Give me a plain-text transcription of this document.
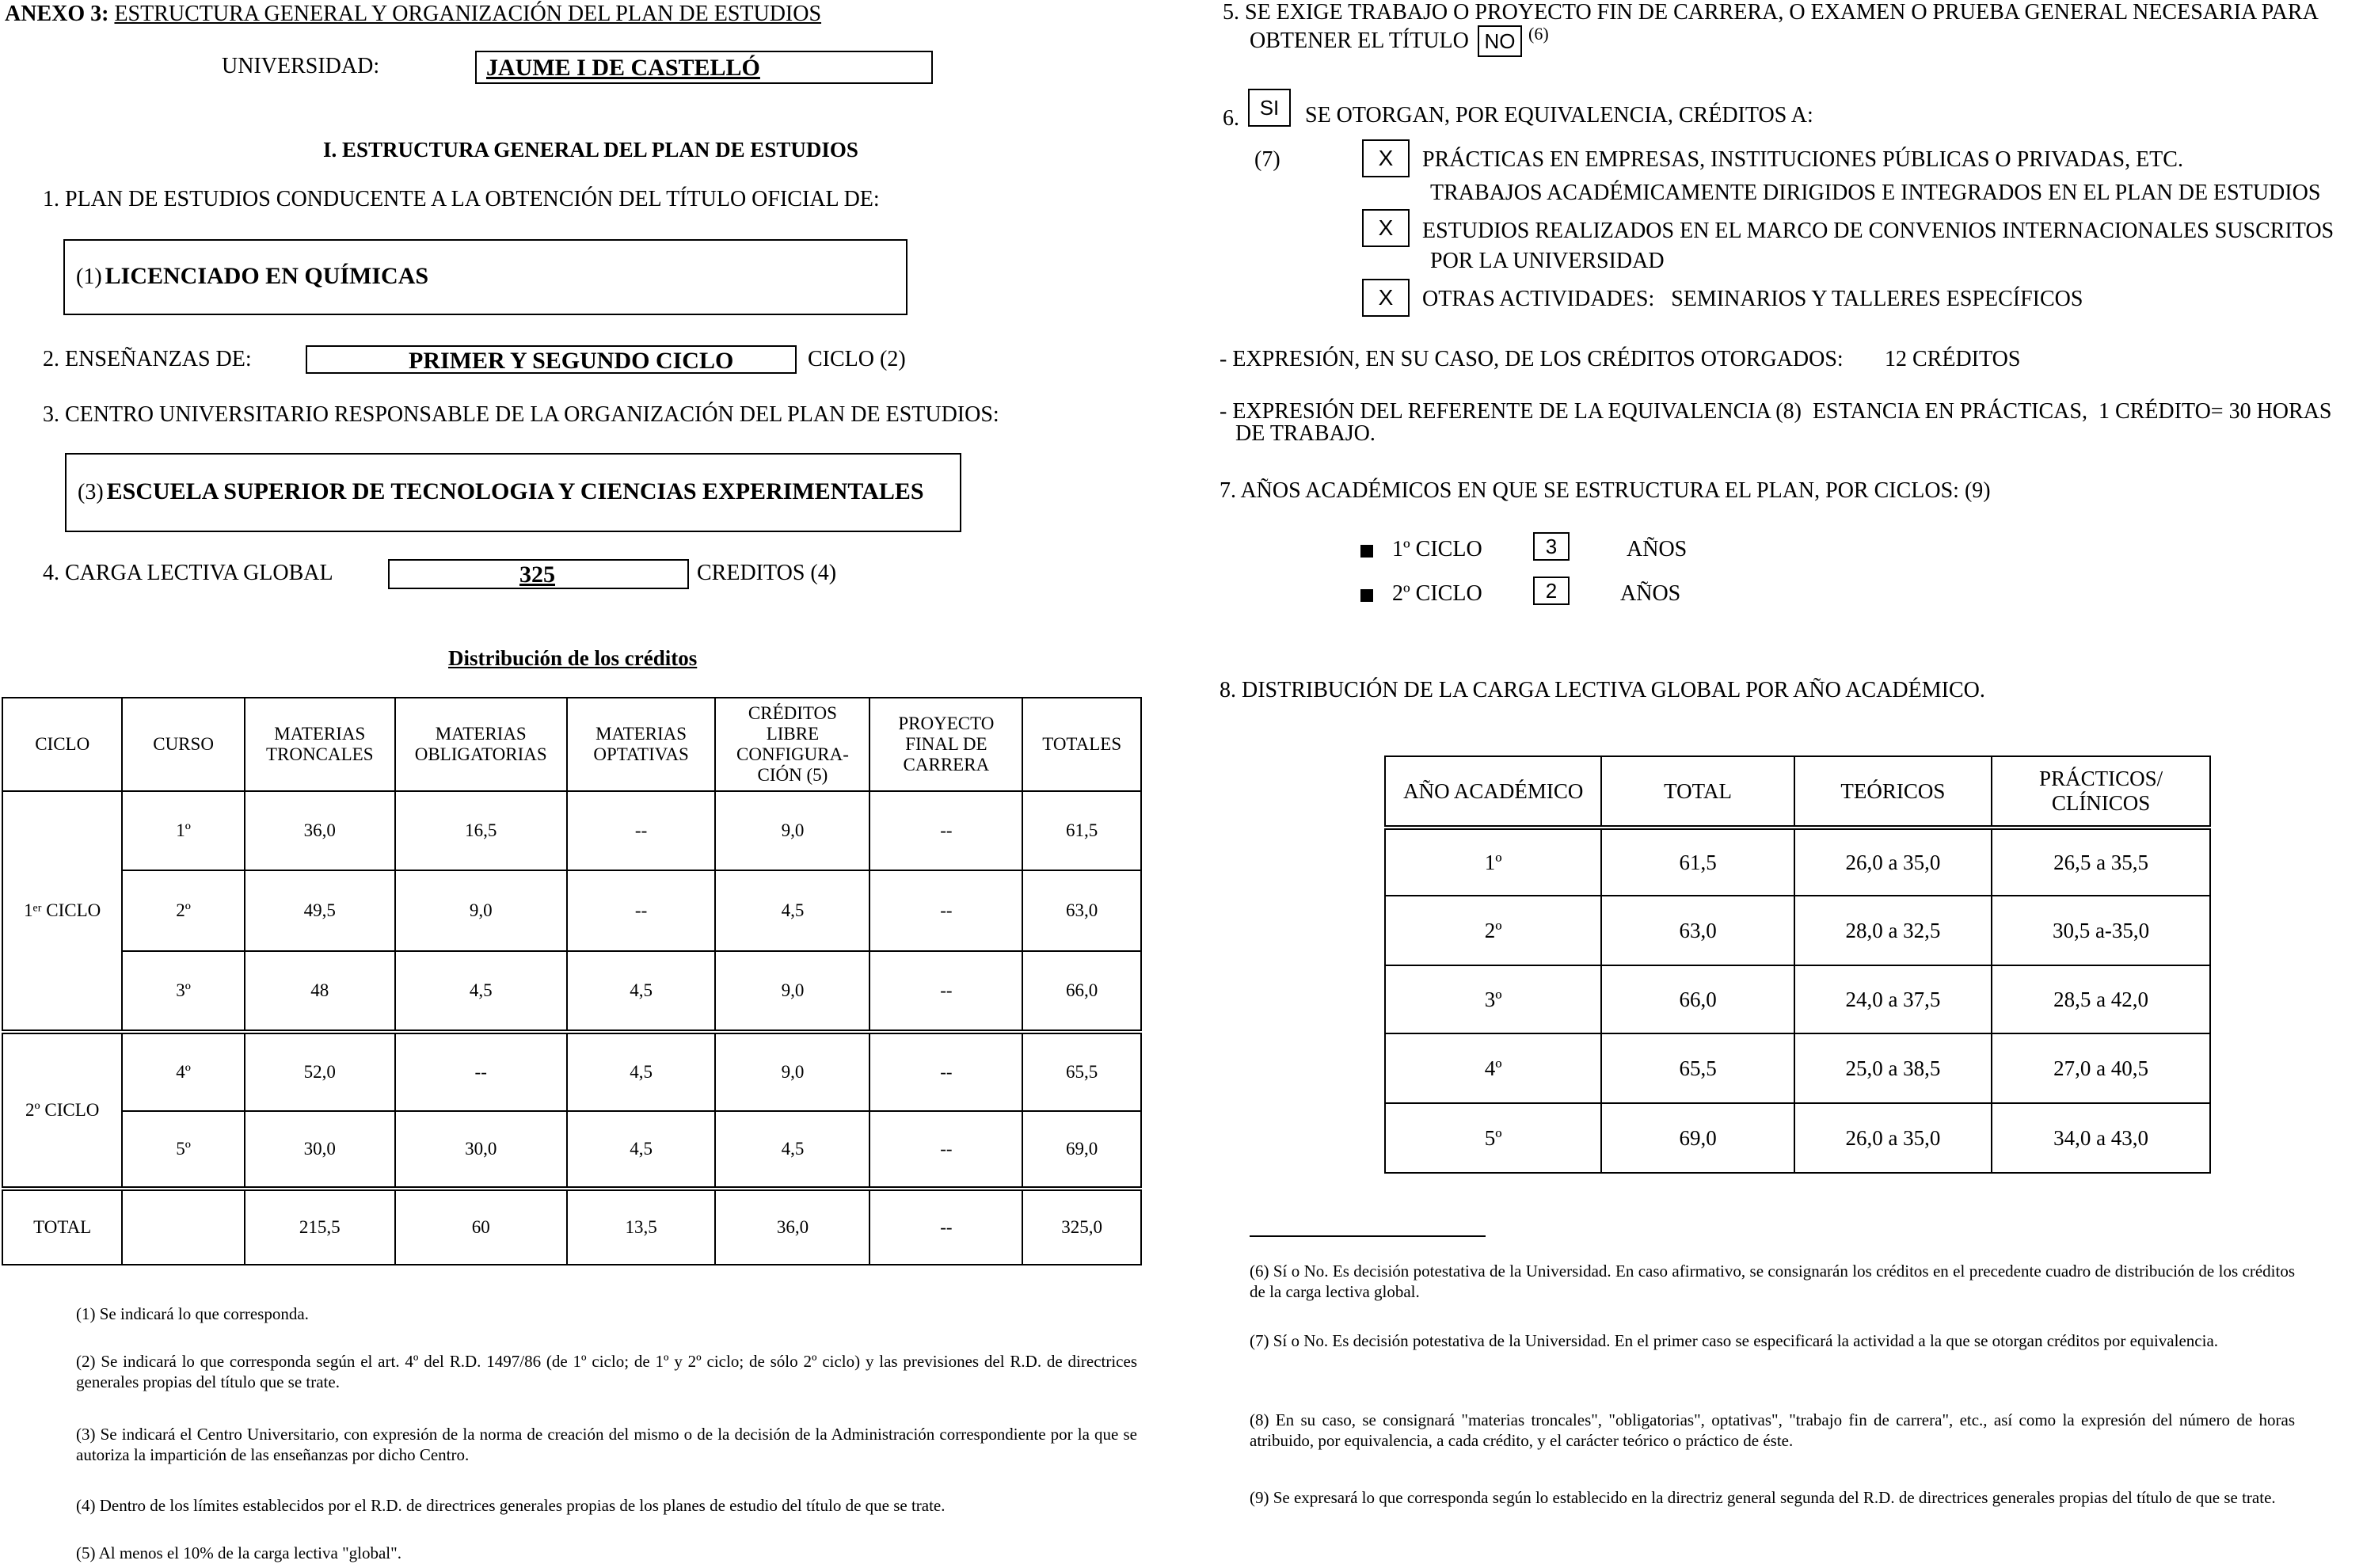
ANEXO 3: ESTRUCTURA GENERAL Y ORGANIZACIÓN DEL PLAN DE ESTUDIOS
UNIVERSIDAD:	JAUME I DE CASTELLÓ
I. ESTRUCTURA GENERAL DEL PLAN DE ESTUDIOS
1. PLAN DE ESTUDIOS CONDUCENTE A LA OBTENCIÓN DEL TÍTULO OFICIAL DE:
(1) LICENCIADO EN QUÍMICAS
2. ENSEÑANZAS DE:	PRIMER Y SEGUNDO CICLO	CICLO (2)
3. CENTRO UNIVERSITARIO RESPONSABLE DE LA ORGANIZACIÓN DEL PLAN DE ESTUDIOS:
(3) ESCUELA SUPERIOR DE TECNOLOGIA Y CIENCIAS EXPERIMENTALES
4. CARGA LECTIVA GLOBAL	325	CREDITOS (4)
Distribución de los créditos
CICLO	CURSO	MATERIAS TRONCALES	MATERIAS OBLIGATORIAS	MATERIAS OPTATIVAS	CRÉDITOS LIBRE CONFIGURA- CIÓN (5)	PROYECTO FINAL DE CARRERA	TOTALES
1ᵉʳ CICLO	1º	36,0	16,5	--	9,0	--	61,5
	2º	49,5	9,0	--	4,5	--	63,0
	3º	48	4,5	4,5	9,0	--	66,0
2º CICLO	4º	52,0	--	4,5	9,0	--	65,5
	5º	30,0	30,0	4,5	4,5	--	69,0
TOTAL		215,5	60	13,5	36,0	--	325,0
(1) Se indicará lo que corresponda.
(2) Se indicará lo que corresponda según el art. 4º del R.D. 1497/86 (de 1º ciclo; de 1º y 2º ciclo; de sólo 2º ciclo) y las previsiones del R.D. de directrices generales propias del título que se trate.
(3) Se indicará el Centro Universitario, con expresión de la norma de creación del mismo o de la decisión de la Administración correspondiente por la que se autoriza la impartición de las enseñanzas por dicho Centro.
(4) Dentro de los límites establecidos por el R.D. de directrices generales propias de los planes de estudio del título de que se trate.
(5) Al menos el 10% de la carga lectiva "global".
5. SE EXIGE TRABAJO O PROYECTO FIN DE CARRERA, O EXAMEN O PRUEBA GENERAL NECESARIA PARA
OBTENER EL TÍTULO NO (6)
6. SI	SE OTORGAN, POR EQUIVALENCIA, CRÉDITOS A:
(7)	X	PRÁCTICAS EN EMPRESAS, INSTITUCIONES PÚBLICAS O PRIVADAS, ETC.
TRABAJOS ACADÉMICAMENTE DIRIGIDOS E INTEGRADOS EN EL PLAN DE ESTUDIOS
X	ESTUDIOS REALIZADOS EN EL MARCO DE CONVENIOS INTERNACIONALES SUSCRITOS
POR LA UNIVERSIDAD
X	OTRAS ACTIVIDADES:   SEMINARIOS Y TALLERES ESPECÍFICOS
- EXPRESIÓN, EN SU CASO, DE LOS CRÉDITOS OTORGADOS: 12 CRÉDITOS
- EXPRESIÓN DEL REFERENTE DE LA EQUIVALENCIA (8)  ESTANCIA EN PRÁCTICAS,  1 CRÉDITO= 30 HORAS
DE TRABAJO.
7. AÑOS ACADÉMICOS EN QUE SE ESTRUCTURA EL PLAN, POR CICLOS: (9)
1º CICLO	3	AÑOS
2º CICLO	2	AÑOS
8. DISTRIBUCIÓN DE LA CARGA LECTIVA GLOBAL POR AÑO ACADÉMICO.
AÑO ACADÉMICO	TOTAL	TEÓRICOS	PRÁCTICOS/ CLÍNICOS
1º	61,5	26,0 a 35,0	26,5 a 35,5
2º	63,0	28,0 a 32,5	30,5 a-35,0
3º	66,0	24,0 a 37,5	28,5 a 42,0
4º	65,5	25,0 a 38,5	27,0 a 40,5
5º	69,0	26,0 a 35,0	34,0 a 43,0
(6) Sí o No. Es decisión potestativa de la Universidad. En caso afirmativo, se consignarán los créditos en el precedente cuadro de distribución de los créditos de la carga lectiva global.
(7) Sí o No. Es decisión potestativa de la Universidad. En el primer caso se especificará la actividad a la que se otorgan créditos por equivalencia.
(8) En su caso, se consignará "materias troncales", "obligatorias", optativas", "trabajo fin de carrera", etc., así como la expresión del número de horas atribuido, por equivalencia, a cada crédito, y el carácter teórico o práctico de éste.
(9) Se expresará lo que corresponda según lo establecido en la directriz general segunda del R.D. de directrices generales propias del título de que se trate.
